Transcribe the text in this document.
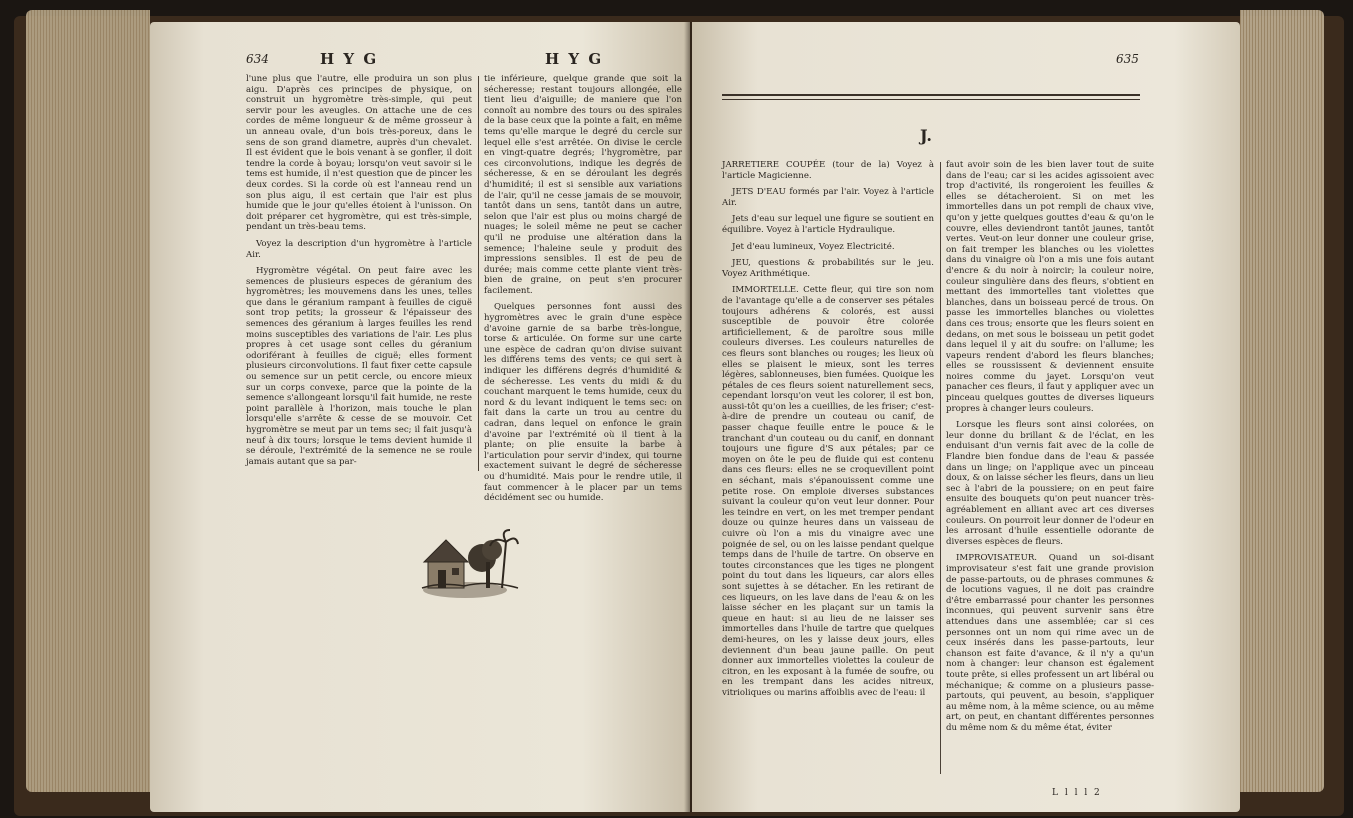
634	H Y G	H Y G

l'une plus que l'autre, elle produira un son plus aigu. D'après ces principes de physique, on construit un hygromètre très-simple, qui peut servir pour les aveugles. On attache une de ces cordes de même longueur & de même grosseur à un anneau ovale, d'un bois très-poreux, dans le sens de son grand diametre, auprès d'un chevalet. Il est évident que le bois venant à se gonfler, il doit tendre la corde à boyau; lorsqu'on veut savoir si le tems est humide, il n'est question que de pincer les deux cordes. Si la corde où est l'anneau rend un son plus aigu, il est certain que l'air est plus humide que le jour qu'elles étoient à l'unisson. On doit préparer cet hygromètre, qui est très-simple, pendant un très-beau tems.

Voyez la description d'un hygromètre à l'article Air.

Hygromètre végétal. On peut faire avec les semences de plusieurs especes de géranium des hygromètres; les mouvemens dans les unes, telles que dans le géranium rampant à feuilles de ciguë sont trop petits; la grosseur & l'épaisseur des semences des géranium à larges feuilles les rend moins susceptibles des variations de l'air. Les plus propres à cet usage sont celles du géranium odoriférant à feuilles de ciguë; elles forment plusieurs circonvolutions. Il faut fixer cette capsule ou semence sur un petit cercle, ou encore mieux sur un corps convexe, parce que la pointe de la semence s'allongeant lorsqu'il fait humide, ne reste point parallèle à l'horizon, mais touche le plan lorsqu'elle s'arrête & cesse de se mouvoir. Cet hygromètre se meut par un tems sec; il fait jusqu'à neuf à dix tours; lorsque le tems devient humide il se déroule, l'extrémité de la semence ne se roule jamais autant que sa par-

tie inférieure, quelque grande que soit la sécheresse; restant toujours allongée, elle tient lieu d'aiguille; de maniere que l'on connoît au nombre des tours ou des spirales de la base ceux que la pointe a fait, en même tems qu'elle marque le degré du cercle sur lequel elle s'est arrêtée. On divise le cercle en vingt-quatre degrés; l'hygromètre, par ces circonvolutions, indique les degrés de sécheresse, & en se déroulant les degrés d'humidité; il est si sensible aux variations de l'air, qu'il ne cesse jamais de se mouvoir, tantôt dans un sens, tantôt dans un autre, selon que l'air est plus ou moins chargé de nuages; le soleil même ne peut se cacher qu'il ne produise une altération dans la semence; l'haleine seule y produit des impressions sensibles. Il est de peu de durée; mais comme cette plante vient très-bien de graine, on peut s'en procurer facilement.

Quelques personnes font aussi des hygromètres avec le grain d'une espèce d'avoine garnie de sa barbe très-longue, torse & articulée. On forme sur une carte une espèce de cadran qu'on divise suivant les différens tems des vents; ce qui sert à indiquer les différens degrés d'humidité & de sécheresse. Les vents du midi & du couchant marquent le tems humide, ceux du nord & du levant indiquent le tems sec: on fait dans la carte un trou au centre du cadran, dans lequel on enfonce le grain d'avoine par l'extrémité où il tient à la plante; on plie ensuite la barbe à l'articulation pour servir d'index, qui tourne exactement suivant le degré de sécheresse ou d'humidité. Mais pour le rendre utile, il faut commencer à le placer par un tems décidément sec ou humide.

635
J.

JARRETIERE COUPÉE (tour de la) Voyez à l'article Magicienne.

JETS D'EAU formés par l'air. Voyez à l'article Air.

Jets d'eau sur lequel une figure se soutient en équilibre. Voyez à l'article Hydraulique.

Jet d'eau lumineux, Voyez Electricité.

JEU, questions & probabilités sur le jeu. Voyez Arithmétique.

IMMORTELLE. Cette fleur, qui tire son nom de l'avantage qu'elle a de conserver ses pétales toujours adhérens & colorés, est aussi susceptible de pouvoir être colorée artificiellement, & de paroître sous mille couleurs diverses. Les couleurs naturelles de ces fleurs sont blanches ou rouges; les lieux où elles se plaisent le mieux, sont les terres légères, sablonneuses, bien fumées. Quoique les pétales de ces fleurs soient naturellement secs, cependant lorsqu'on veut les colorer, il est bon, aussi-tôt qu'on les a cueillies, de les friser; c'est-à-dire de prendre un couteau ou canif, de passer chaque feuille entre le pouce & le tranchant d'un couteau ou du canif, en donnant toujours une figure d'S aux pétales; par ce moyen on ôte le peu de fluide qui est contenu dans ces fleurs: elles ne se croquevillent point en séchant, mais s'épanouissent comme une petite rose. On emploie diverses substances suivant la couleur qu'on veut leur donner. Pour les teindre en vert, on les met tremper pendant douze ou quinze heures dans un vaisseau de cuivre où l'on a mis du vinaigre avec une poignée de sel, ou on les laisse pendant quelque temps dans de l'huile de tartre. On observe en toutes circonstances que les tiges ne plongent point du tout dans les liqueurs, car alors elles sont sujettes à se détacher. En les retirant de ces liqueurs, on les lave dans de l'eau & on les laisse sécher en les plaçant sur un tamis la queue en haut: si au lieu de ne laisser ses immortelles dans l'huile de tartre que quelques demi-heures, on les y laisse deux jours, elles deviennent d'un beau jaune paille. On peut donner aux immortelles violettes la couleur de citron, en les exposant à la fumée de soufre, ou en les trempant dans les acides nitreux, vitrioliques ou marins affoiblis avec de l'eau: il

faut avoir soin de les bien laver tout de suite dans de l'eau; car si les acides agissoient avec trop d'activité, ils rongeroient les feuilles & elles se détacheroient. Si on met les immortelles dans un pot rempli de chaux vive, qu'on y jette quelques gouttes d'eau & qu'on le couvre, elles deviendront tantôt jaunes, tantôt vertes. Veut-on leur donner une couleur grise, on fait tremper les blanches ou les violettes dans du vinaigre où l'on a mis une fois autant d'encre & du noir à noircir; la couleur noire, couleur singulière dans des fleurs, s'obtient en mettant des immortelles tant violettes que blanches, dans un boisseau percé de trous. On passe les immortelles blanches ou violettes dans ces trous; ensorte que les fleurs soient en dedans, on met sous le boisseau un petit godet dans lequel il y ait du soufre: on l'allume; les vapeurs rendent d'abord les fleurs blanches; elles se roussissent & deviennent ensuite noires comme du jayet. Lorsqu'on veut panacher ces fleurs, il faut y appliquer avec un pinceau quelques gouttes de diverses liqueurs propres à changer leurs couleurs.

Lorsque les fleurs sont ainsi colorées, on leur donne du brillant & de l'éclat, en les enduisant d'un vernis fait avec de la colle de Flandre bien fondue dans de l'eau & passée dans un linge; on l'applique avec un pinceau doux, & on laisse sécher les fleurs, dans un lieu sec à l'abri de la poussiere; on en peut faire ensuite des bouquets qu'on peut nuancer très-agréablement en alliant avec art ces diverses couleurs. On pourroit leur donner de l'odeur en les arrosant d'huile essentielle odorante de diverses espèces de fleurs.

IMPROVISATEUR. Quand un soi-disant improvisateur s'est fait une grande provision de passe-partouts, ou de phrases communes & de locutions vagues, il ne doit pas craindre d'être embarrassé pour chanter les personnes inconnues, qui peuvent survenir sans être attendues dans une assemblée; car si ces personnes ont un nom qui rime avec un de ceux insérés dans les passe-partouts, leur chanson est faite d'avance, & il n'y a qu'un nom à changer: leur chanson est également toute prête, si elles professent un art libéral ou méchanique; & comme on a plusieurs passe-partouts, qui peuvent, au besoin, s'appliquer au même nom, à la même science, ou au même art, on peut, en chantant différentes personnes du même nom & du même état, éviter

L l l l 2
